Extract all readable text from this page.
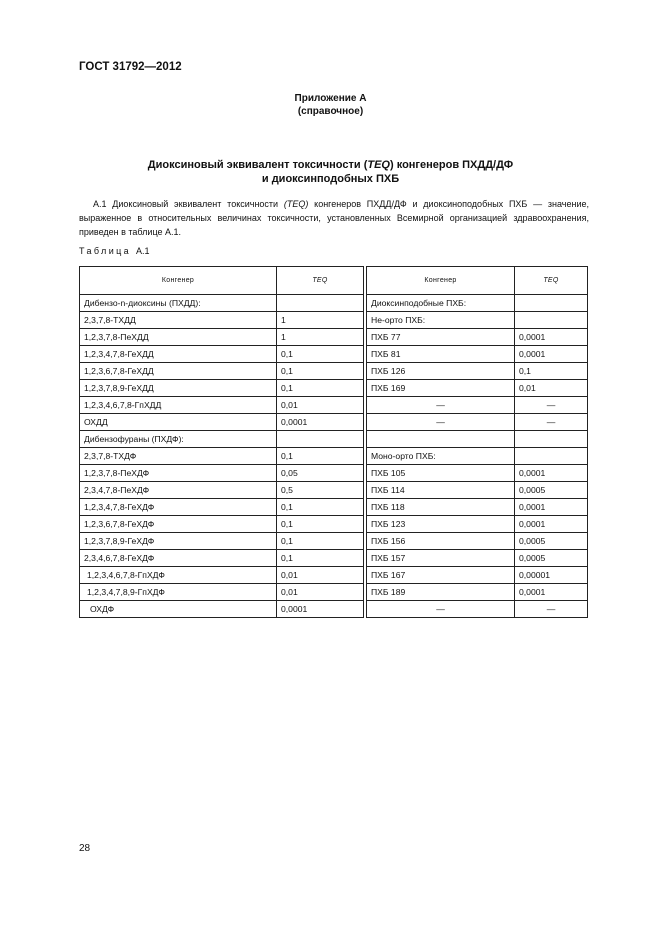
ГОСТ 31792—2012
Приложение А
(справочное)
Диоксиновый эквивалент токсичности (TEQ) конгенеров ПХДД/ДФ
и диоксинподобных ПХБ
А.1 Диоксиновый эквивалент токсичности (TEQ) конгенеров ПХДД/ДФ и диоксиноподобных ПХБ — значение, выраженное в относительных величинах токсичности, установленных Всемирной организацией здравоохранения, приведен в таблице А.1.
Таблица А.1
Конгенер	TEQ		Конгенер	TEQ
Дибензо-n-диоксины (ПХДД):			Диоксинподобные ПХБ:	
2,3,7,8-ТХДД	1		Не-орто ПХБ:	
1,2,3,7,8-ПеХДД	1		ПХБ 77	0,0001
1,2,3,4,7,8-ГеХДД	0,1		ПХБ 81	0,0001
1,2,3,6,7,8-ГеХДД	0,1		ПХБ 126	0,1
1,2,3,7,8,9-ГеХДД	0,1		ПХБ 169	0,01
1,2,3,4,6,7,8-ГпХДД	0,01		—	—
ОХДД	0,0001		—	—
Дибензофураны (ПХДФ):				
2,3,7,8-ТХДФ	0,1		Моно-орто ПХБ:	
1,2,3,7,8-ПеХДФ	0,05		ПХБ 105	0,0001
2,3,4,7,8-ПеХДФ	0,5		ПХБ 114	0,0005
1,2,3,4,7,8-ГеХДФ	0,1		ПХБ 118	0,0001
1,2,3,6,7,8-ГеХДФ	0,1		ПХБ 123	0,0001
1,2,3,7,8,9-ГеХДФ	0,1		ПХБ 156	0,0005
2,3,4,6,7,8-ГеХДФ	0,1		ПХБ 157	0,0005
1,2,3,4,6,7,8-ГпХДФ	0,01		ПХБ 167	0,00001
1,2,3,4,7,8,9-ГпХДФ	0,01		ПХБ 189	0,0001
ОХДФ	0,0001		—	—
28
